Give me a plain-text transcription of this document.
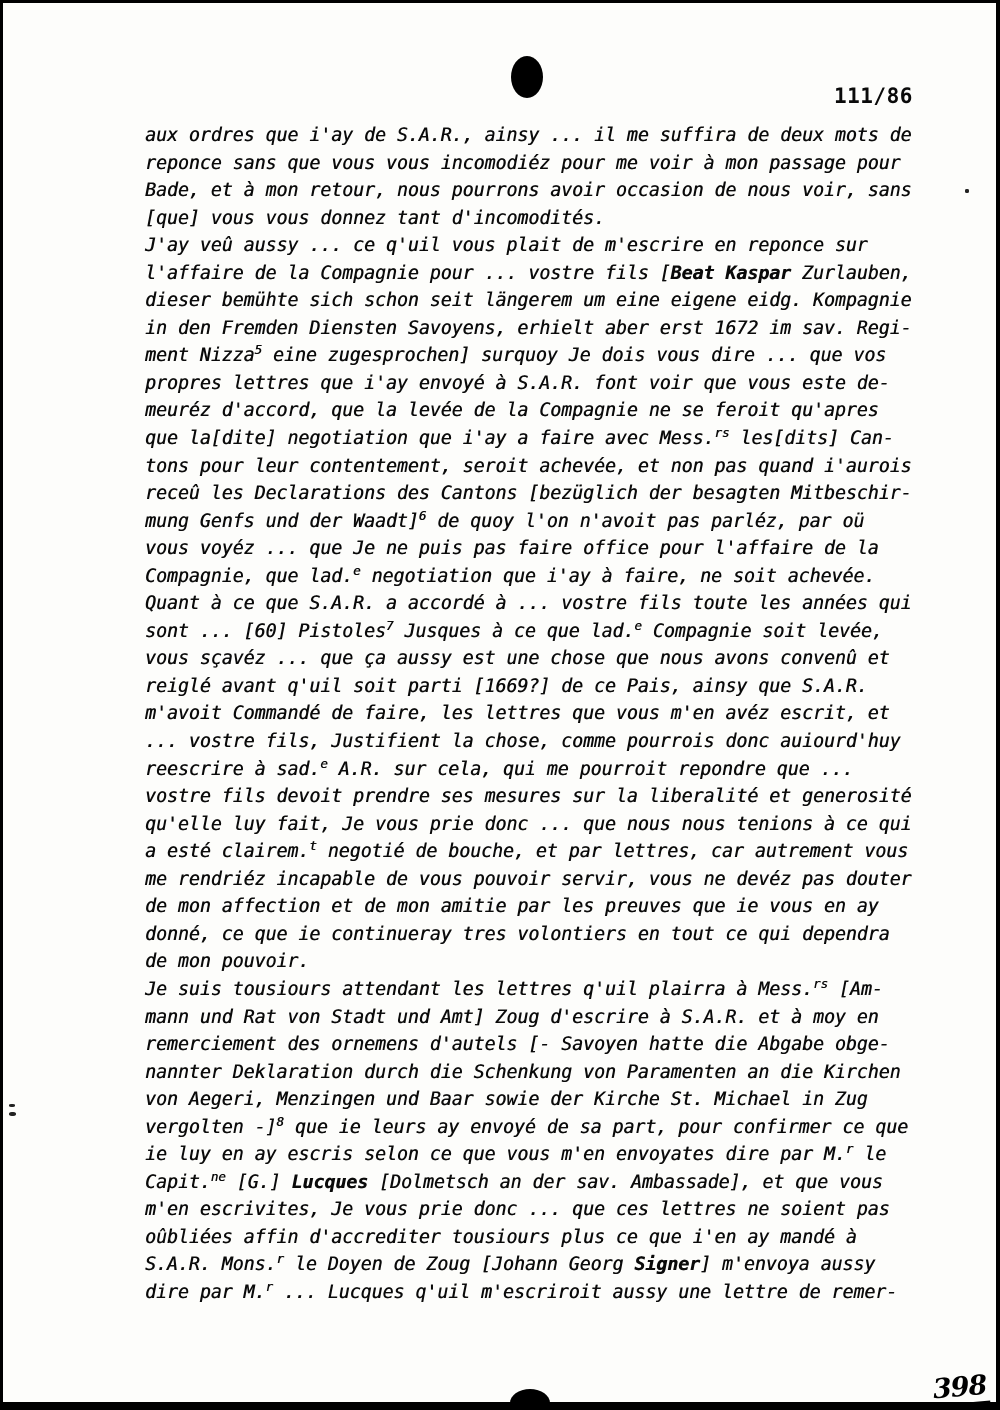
111/86
aux ordres que i'ay de S.A.R., ainsy ... il me suffira de deux mots de
reponce sans que vous vous incomodiéz pour me voir à mon passage pour
Bade, et à mon retour, nous pourrons avoir occasion de nous voir, sans
[que] vous vous donnez tant d'incomodités.
J'ay veû aussy ... ce q'uil vous plait de m'escrire en reponce sur
l'affaire de la Compagnie pour ... vostre fils [Beat Kaspar Zurlauben,
dieser bemühte sich schon seit längerem um eine eigene eidg. Kompagnie
in den Fremden Diensten Savoyens, erhielt aber erst 1672 im sav. Regi-
ment Nizza$^5$ eine zugesprochen] surquoy Je dois vous dire ... que vos
propres lettres que i'ay envoyé à S.A.R. font voir que vous este de-
meuréz d'accord, que la levée de la Compagnie ne se feroit qu'apres
que la[dite] negotiation que i'ay a faire avec Mess.$^{rs}$ les[dits] Can-
tons pour leur contentement, seroit achevée, et non pas quand i'aurois
receû les Declarations des Cantons [bezüglich der besagten Mitbeschir-
mung Genfs und der Waadt]$^6$ de quoy l'on n'avoit pas parléz, par oü
vous voyéz ... que Je ne puis pas faire office pour l'affaire de la
Compagnie, que lad.$^e$ negotiation que i'ay à faire, ne soit achevée.
Quant à ce que S.A.R. a accordé à ... vostre fils toute les années qui
sont ... [60] Pistoles$^7$ Jusques à ce que lad.$^e$ Compagnie soit levée,
vous sçavéz ... que ça aussy est une chose que nous avons convenû et
reiglé avant q'uil soit parti [1669?] de ce Pais, ainsy que S.A.R.
m'avoit Commandé de faire, les lettres que vous m'en avéz escrit, et
... vostre fils, Justifient la chose, comme pourrois donc auiourd'huy
reescrire à sad.$^e$ A.R. sur cela, qui me pourroit repondre que ...
vostre fils devoit prendre ses mesures sur la liberalité et generosité
qu'elle luy fait, Je vous prie donc ... que nous nous tenions à ce qui
a esté clairem.$^t$ negotié de bouche, et par lettres, car autrement vous
me rendriéz incapable de vous pouvoir servir, vous ne devéz pas douter
de mon affection et de mon amitie par les preuves que ie vous en ay
donné, ce que ie continueray tres volontiers en tout ce qui dependra
de mon pouvoir.
Je suis tousiours attendant les lettres q'uil plairra à Mess.$^{rs}$ [Am-
mann und Rat von Stadt und Amt] Zoug d'escrire à S.A.R. et à moy en
remerciement des ornemens d'autels [- Savoyen hatte die Abgabe obge-
nannter Deklaration durch die Schenkung von Paramenten an die Kirchen
von Aegeri, Menzingen und Baar sowie der Kirche St. Michael in Zug
vergolten -]$^8$ que ie leurs ay envoyé de sa part, pour confirmer ce que
ie luy en ay escris selon ce que vous m'en envoyates dire par M.$^r$ le
Capit.$^{ne}$ [G.] Lucques [Dolmetsch an der sav. Ambassade], et que vous
m'en escrivites, Je vous prie donc ... que ces lettres ne soient pas
oûbliées affin d'accrediter tousiours plus ce que i'en ay mandé à
S.A.R. Mons.$^r$ le Doyen de Zoug [Johann Georg Signer] m'envoya aussy
dire par M.$^r$ ... Lucques q'uil m'escriroit aussy une lettre de remer-
398
